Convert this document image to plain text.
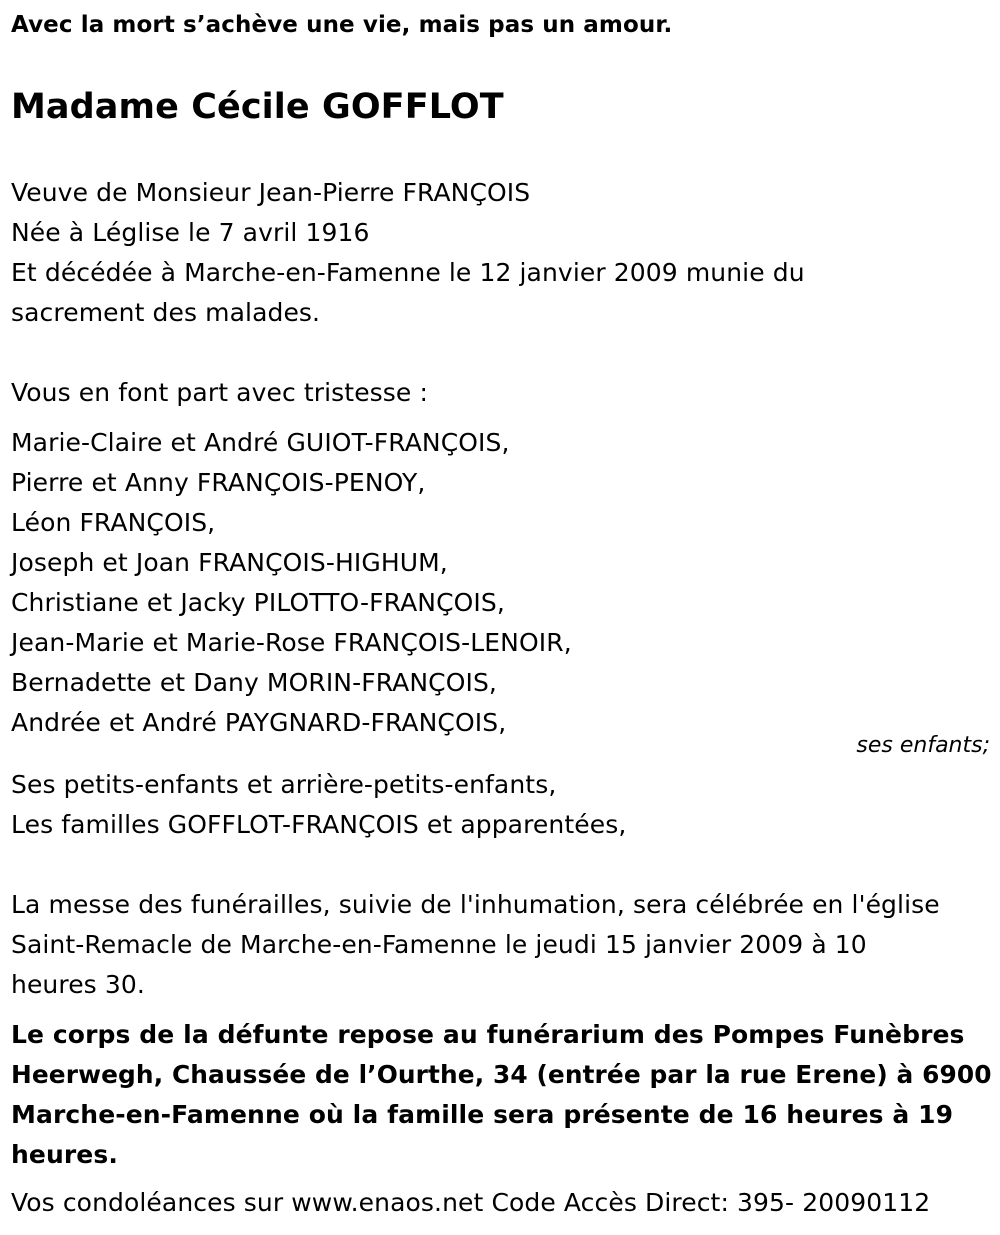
Avec la mort s’achève une vie, mais pas un amour.
Madame Cécile GOFFLOT
Veuve de Monsieur Jean-Pierre FRANÇOIS
Née à Léglise le 7 avril 1916
Et décédée à Marche-en-Famenne le 12 janvier 2009 munie du
sacrement des malades.
Vous en font part avec tristesse :
Marie-Claire et André GUIOT-FRANÇOIS,
Pierre et Anny FRANÇOIS-PENOY,
Léon FRANÇOIS,
Joseph et Joan FRANÇOIS-HIGHUM,
Christiane et Jacky PILOTTO-FRANÇOIS,
Jean-Marie et Marie-Rose FRANÇOIS-LENOIR,
Bernadette et Dany MORIN-FRANÇOIS,
Andrée et André PAYGNARD-FRANÇOIS,
ses enfants;
Ses petits-enfants et arrière-petits-enfants,
Les familles GOFFLOT-FRANÇOIS et apparentées,
La messe des funérailles, suivie de l'inhumation, sera célébrée en l'église
Saint-Remacle de Marche-en-Famenne le jeudi 15 janvier 2009 à 10
heures 30.
Le corps de la défunte repose au funérarium des Pompes Funèbres
Heerwegh, Chaussée de l’Ourthe, 34 (entrée par la rue Erene) à 6900
Marche-en-Famenne où la famille sera présente de 16 heures à 19
heures.
Vos condoléances sur www.enaos.net Code Accès Direct: 395- 20090112
